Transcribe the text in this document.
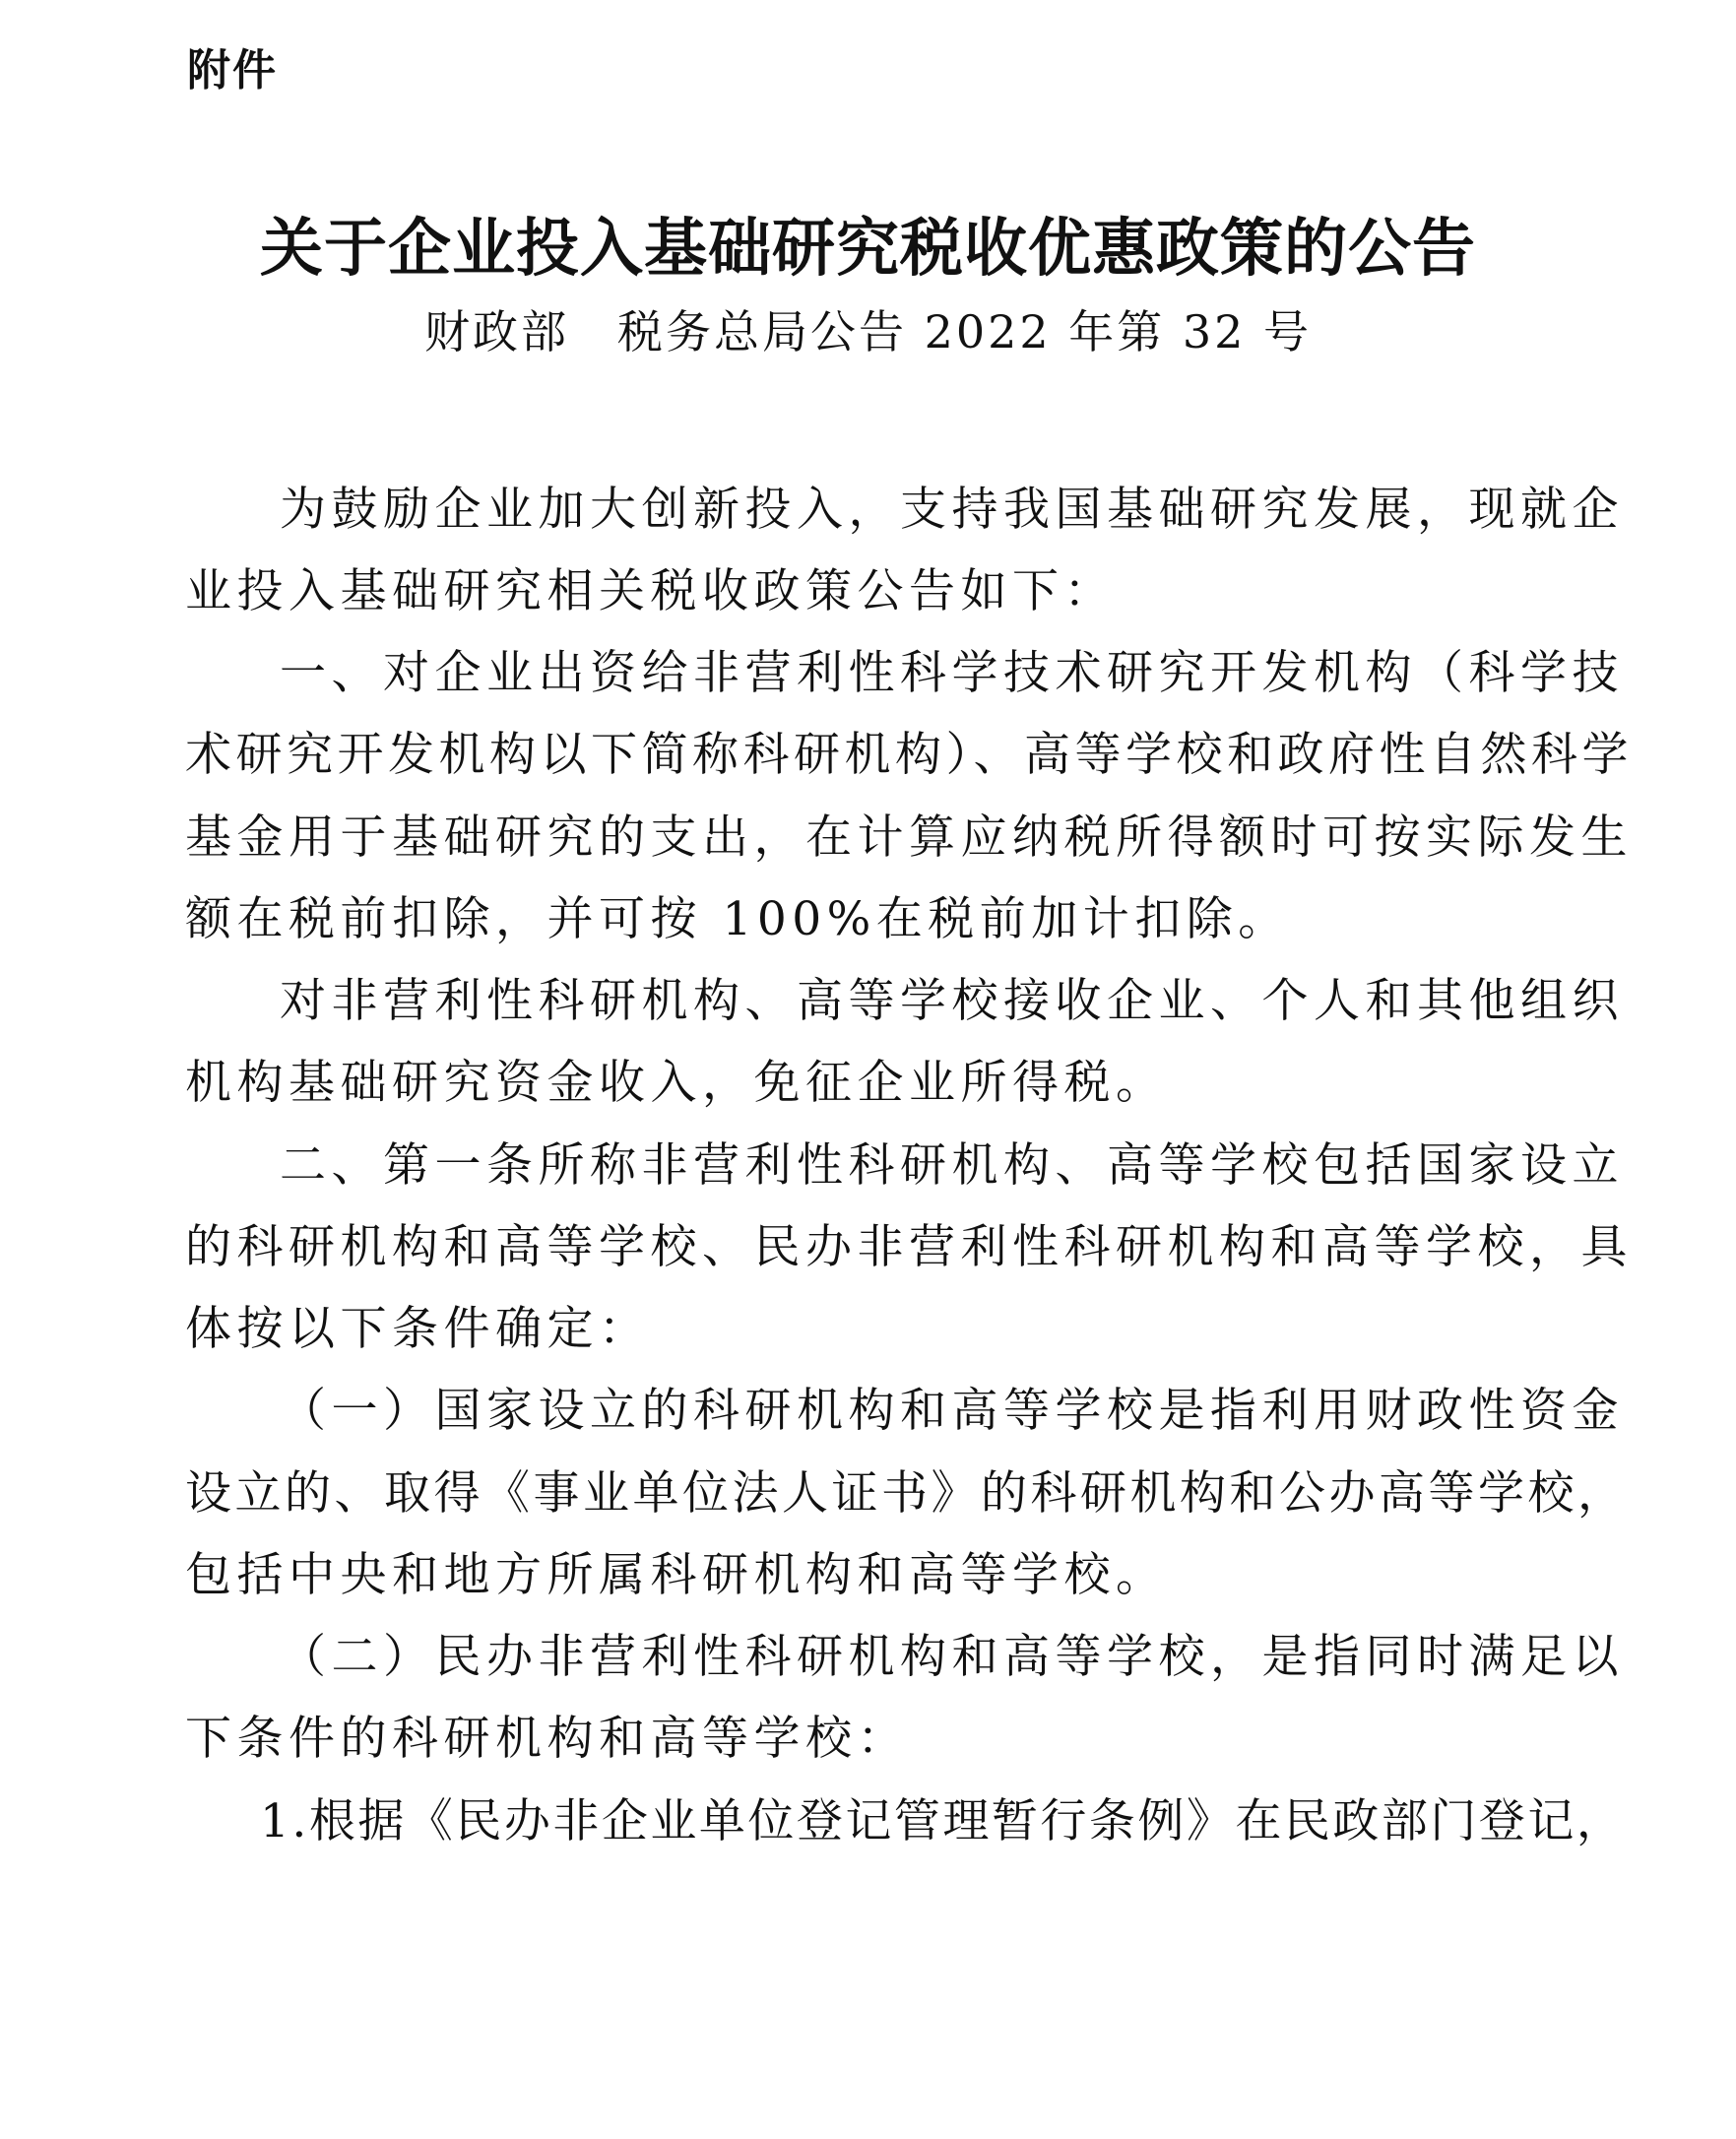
附件
关于企业投入基础研究税收优惠政策的公告
财政部　税务总局公告 2022 年第 32 号
为鼓励企业加大创新投入，支持我国基础研究发展，现就企
业投入基础研究相关税收政策公告如下：
一、对企业出资给非营利性科学技术研究开发机构（科学技
术研究开发机构以下简称科研机构）、高等学校和政府性自然科学
基金用于基础研究的支出，在计算应纳税所得额时可按实际发生
额在税前扣除，并可按 100%在税前加计扣除。
对非营利性科研机构、高等学校接收企业、个人和其他组织
机构基础研究资金收入，免征企业所得税。
二、第一条所称非营利性科研机构、高等学校包括国家设立
的科研机构和高等学校、民办非营利性科研机构和高等学校，具
体按以下条件确定：
（一）国家设立的科研机构和高等学校是指利用财政性资金
设立的、取得《事业单位法人证书》的科研机构和公办高等学校，
包括中央和地方所属科研机构和高等学校。
（二）民办非营利性科研机构和高等学校，是指同时满足以
下条件的科研机构和高等学校：
1.根据《民办非企业单位登记管理暂行条例》在民政部门登记，
